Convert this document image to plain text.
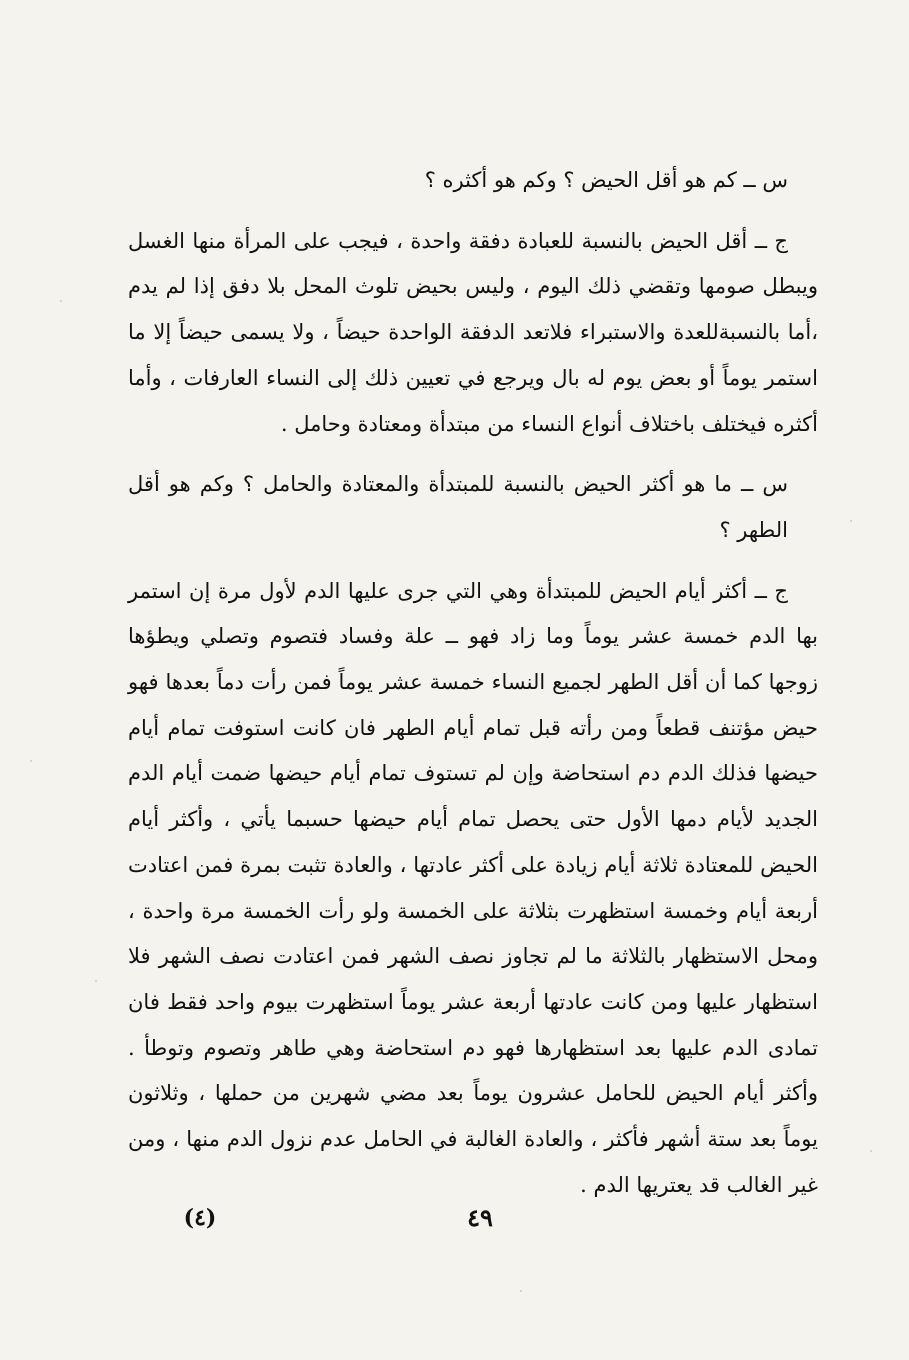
س ــ كم هو أقل الحيض ؟ وكم هو أكثره ؟

ج ــ أقل الحيض بالنسبة للعبادة دفقة واحدة ، فيجب على المرأة منها الغسل ويبطل صومها وتقضي ذلك اليوم ، وليس بحيض تلوث المحل بلا دفق إذا لم يدم ،أما بالنسبةللعدة والاستبراء فلاتعد الدفقة الواحدة حيضاً ، ولا يسمى حيضاً إلا ما استمر يوماً أو بعض يوم له بال ويرجع في تعيين ذلك إلى النساء العارفات ، وأما أكثره فيختلف باختلاف أنواع النساء من مبتدأة ومعتادة وحامل .

س ــ ما هو أكثر الحيض بالنسبة للمبتدأة والمعتادة والحامل ؟ وكم هو أقل الطهر ؟

ج ــ أكثر أيام الحيض للمبتدأة وهي التي جرى عليها الدم لأول مرة إن استمر بها الدم خمسة عشر يوماً وما زاد فهو ــ علة وفساد فتصوم وتصلي ويطؤها زوجها كما أن أقل الطهر لجميع النساء خمسة عشر يوماً فمن رأت دماً بعدها فهو حيض مؤتنف قطعاً ومن رأته قبل تمام أيام الطهر فان كانت استوفت تمام أيام حيضها فذلك الدم دم استحاضة وإن لم تستوف تمام أيام حيضها ضمت أيام الدم الجديد لأيام دمها الأول حتى يحصل تمام أيام حيضها حسبما يأتي ، وأكثر أيام الحيض للمعتادة ثلاثة أيام زيادة على أكثر عادتها ، والعادة تثبت بمرة فمن اعتادت أربعة أيام وخمسة استظهرت بثلاثة على الخمسة ولو رأت الخمسة مرة واحدة ، ومحل الاستظهار بالثلاثة ما لم تجاوز نصف الشهر فمن اعتادت نصف الشهر فلا استظهار عليها ومن كانت عادتها أربعة عشر يوماً استظهرت بيوم واحد فقط فان تمادى الدم عليها بعد استظهارها فهو دم استحاضة وهي طاهر وتصوم وتوطأ . وأكثر أيام الحيض للحامل عشرون يوماً بعد مضي شهرين من حملها ، وثلاثون يوماً بعد ستة أشهر فأكثر ، والعادة الغالبة في الحامل عدم نزول الدم منها ، ومن غير الغالب قد يعتريها الدم .

٤٩
(٤)
